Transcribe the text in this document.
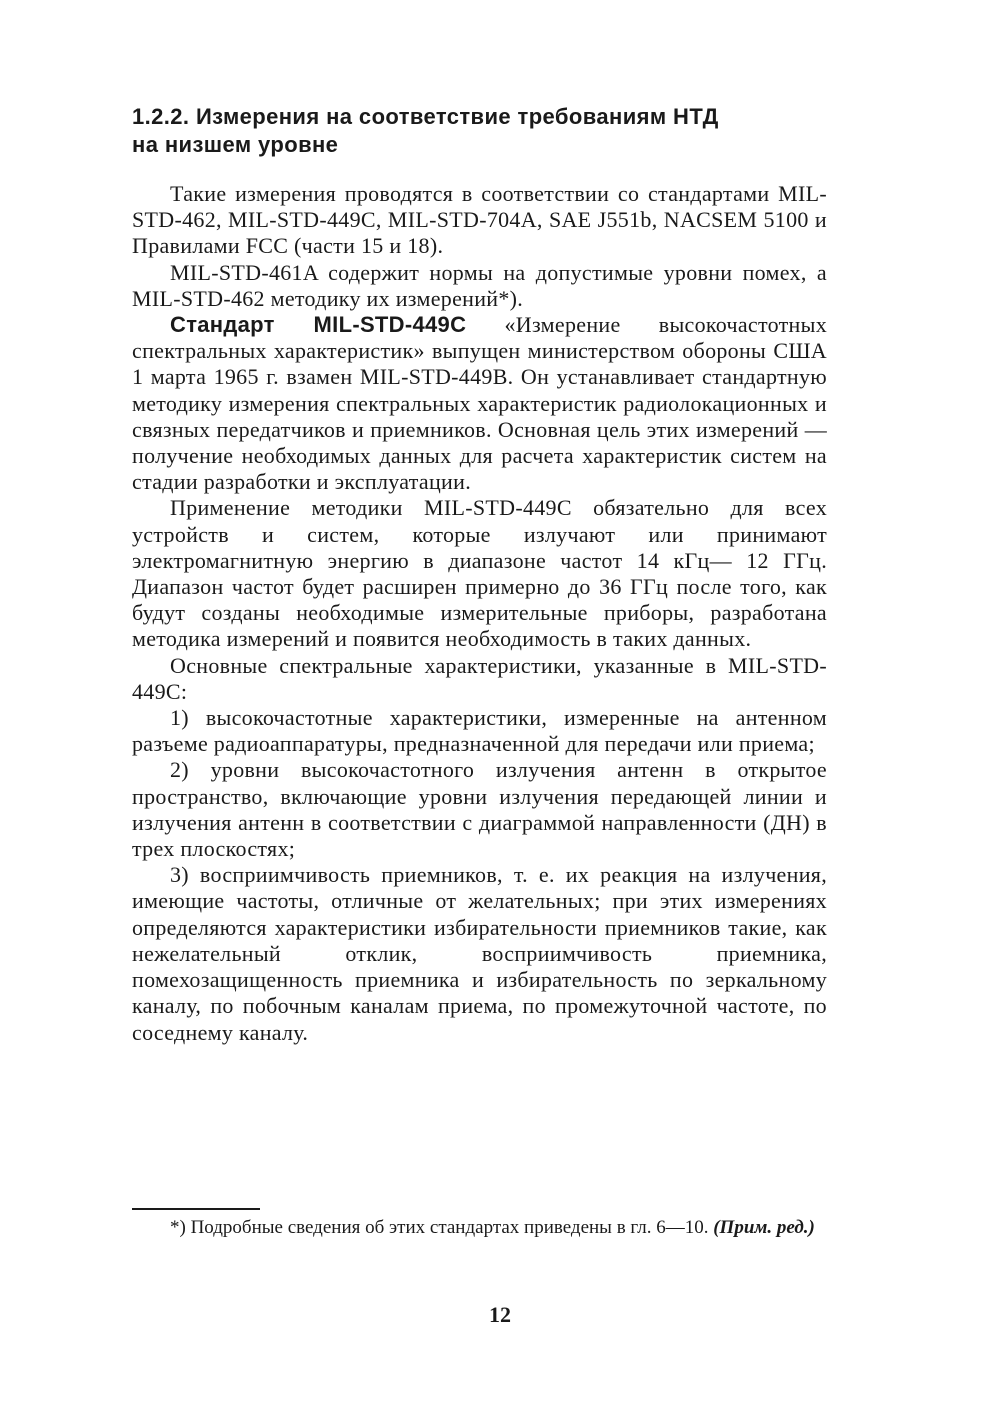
1.2.2. Измерения на соответствие требованиям НТД
на низшем уровне

Такие измерения проводятся в соответствии со стандартами MIL-STD-462, MIL-STD-449C, MIL-STD-704A, SAE J551b, NACSEM 5100 и Правилами FCC (части 15 и 18).

MIL-STD-461A содержит нормы на допустимые уровни помех, а MIL-STD-462 методику их измерений*).

Стандарт MIL-STD-449C «Измерение высокочастотных спектральных характеристик» выпущен министерством обороны США 1 марта 1965 г. взамен MIL-STD-449B. Он устанавливает стандартную методику измерения спектральных характеристик радиолокационных и связных передатчиков и приемников. Основная цель этих измерений — получение необходимых данных для расчета характеристик систем на стадии разработки и эксплуатации.

Применение методики MIL-STD-449C обязательно для всех устройств и систем, которые излучают или принимают электромагнитную энергию в диапазоне частот 14 кГц— 12 ГГц. Диапазон частот будет расширен примерно до 36 ГГц после того, как будут созданы необходимые измерительные приборы, разработана методика измерений и появится необходимость в таких данных.

Основные спектральные характеристики, указанные в MIL-STD-449C:

1) высокочастотные характеристики, измеренные на антенном разъеме радиоаппаратуры, предназначенной для передачи или приема;

2) уровни высокочастотного излучения антенн в открытое пространство, включающие уровни излучения передающей линии и излучения антенн в соответствии с диаграммой направленности (ДН) в трех плоскостях;

3) восприимчивость приемников, т. е. их реакция на излучения, имеющие частоты, отличные от желательных; при этих измерениях определяются характеристики избирательности приемников такие, как нежелательный отклик, восприимчивость приемника, помехозащищенность приемника и избирательность по зеркальному каналу, по побочным каналам приема, по промежуточной частоте, по соседнему каналу.

*) Подробные сведения об этих стандартах приведены в гл. 6—10. (Прим. ред.)

12
